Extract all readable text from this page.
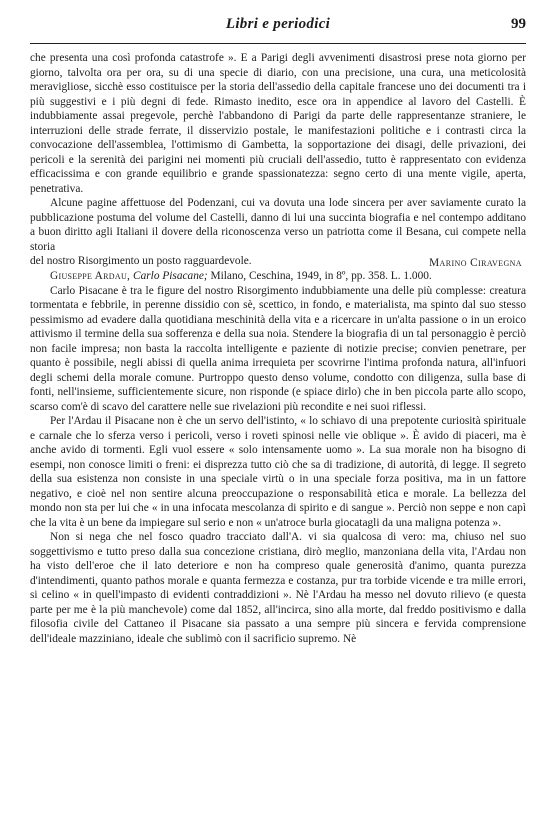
Libri e periodici	99

che presenta una così profonda catastrofe ». E a Parigi degli avvenimenti disastrosi prese nota giorno per giorno, talvolta ora per ora, su di una specie di diario, con una precisione, una cura, una meticolosità meravigliose, sicchè esso costituisce per la storia dell'assedio della capitale francese uno dei documenti tra i più suggestivi e i più degni di fede. Rimasto inedito, esce ora in appendice al lavoro del Castelli. È indubbiamente assai pregevole, perchè l'abbandono di Parigi da parte delle rappresentanze straniere, le interruzioni delle strade ferrate, il disservizio postale, le manifestazioni politiche e i contrasti circa la convocazione dell'assemblea, l'ottimismo di Gambetta, la sopportazione dei disagi, delle privazioni, dei pericoli e la serenità dei parigini nei momenti più cruciali dell'assedio, tutto è rappresentato con evidenza efficacissima e con grande equilibrio e grande spassionatezza: segno certo di una mente vigile, aperta, penetrativa.

Alcune pagine affettuose del Podenzani, cui va dovuta una lode sincera per aver saviamente curato la pubblicazione postuma del volume del Castelli, danno di lui una succinta biografia e nel contempo additano a buon diritto agli Italiani il dovere della riconoscenza verso un patriotta come il Besana, cui compete nella storia

del nostro Risorgimento un posto ragguardevole.	Marino Ciravegna

Giuseppe Ardau, Carlo Pisacane; Milano, Ceschina, 1949, in 8º, pp. 358. L. 1.000.

Carlo Pisacane è tra le figure del nostro Risorgimento indubbiamente una delle più complesse: creatura tormentata e febbrile, in perenne dissidio con sè, scettico, in fondo, e materialista, ma spinto dal suo stesso pessimismo ad evadere dalla quotidiana meschinità della vita e a ricercare in un'alta passione o in un eroico attivismo il termine della sua sofferenza e della sua noia. Stendere la biografia di un tal personaggio è perciò non facile impresa; non basta la raccolta intelligente e paziente di notizie precise; convien penetrare, per quanto è possibile, negli abissi di quella anima irrequieta per scovrirne l'intima profonda natura, all'infuori degli schemi della morale comune. Purtroppo questo denso volume, condotto con diligenza, sulla base di fonti, nell'insieme, sufficientemente sicure, non risponde (e spiace dirlo) che in ben piccola parte allo scopo, scarso com'è di scavo del carattere nelle sue rivelazioni più recondite e nei suoi riflessi.

Per l'Ardau il Pisacane non è che un servo dell'istinto, « lo schiavo di una prepotente curiosità spirituale e carnale che lo sferza verso i pericoli, verso i roveti spinosi nelle vie oblique ». È avido di piaceri, ma è anche avido di tormenti. Egli vuol essere « solo intensamente uomo ». La sua morale non ha bisogno di esempi, non conosce limiti o freni: ei disprezza tutto ciò che sa di tradizione, di autorità, di legge. Il segreto della sua esistenza non consiste in una speciale virtù o in una speciale forza positiva, ma in un fattore negativo, e cioè nel non sentire alcuna preoccupazione o responsabilità etica e morale. La bellezza del mondo non sta per lui che « in una infocata mescolanza di spirito e di sangue ». Perciò non seppe e non capì che la vita è un bene da impiegare sul serio e non « un'atroce burla giocatagli da una maligna potenza ».

Non si nega che nel fosco quadro tracciato dall'A. vi sia qualcosa di vero: ma, chiuso nel suo soggettivismo e tutto preso dalla sua concezione cristiana, dirò meglio, manzoniana della vita, l'Ardau non ha visto dell'eroe che il lato deteriore e non ha compreso quale generosità d'animo, quanta purezza d'intendimenti, quanto pathos morale e quanta fermezza e costanza, pur tra torbide vicende e tra mille errori, si celino « in quell'impasto di evidenti contraddizioni ». Nè l'Ardau ha messo nel dovuto rilievo (e questa parte per me è la più manchevole) come dal 1852, all'incirca, sino alla morte, dal freddo positivismo e dalla filosofia civile del Cattaneo il Pisacane sia passato a una sempre più sincera e fervida comprensione dell'ideale mazziniano, ideale che sublimò con il sacrificio supremo. Nè
